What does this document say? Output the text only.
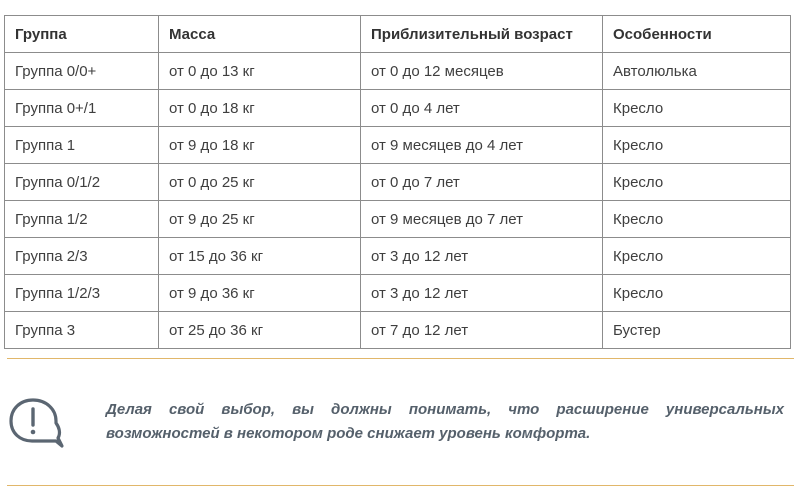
Группа	Масса	Приблизительный возраст	Особенности
Группа 0/0+	от 0 до 13 кг	от 0 до 12 месяцев	Автолюлька
Группа 0+/1	от 0 до 18 кг	от 0 до 4 лет	Кресло
Группа 1	от 9 до 18 кг	от 9 месяцев до 4 лет	Кресло
Группа 0/1/2	от 0 до 25 кг	от 0 до 7 лет	Кресло
Группа 1/2	от 9 до 25 кг	от 9 месяцев до 7 лет	Кресло
Группа 2/3	от 15 до 36 кг	от 3 до 12 лет	Кресло
Группа 1/2/3	от 9 до 36 кг	от 3 до 12 лет	Кресло
Группа 3	от 25 до 36 кг	от 7 до 12 лет	Бустер
Делая свой выбор, вы должны понимать, что расширение универсальных возможностей в некотором роде снижает уровень комфорта.
